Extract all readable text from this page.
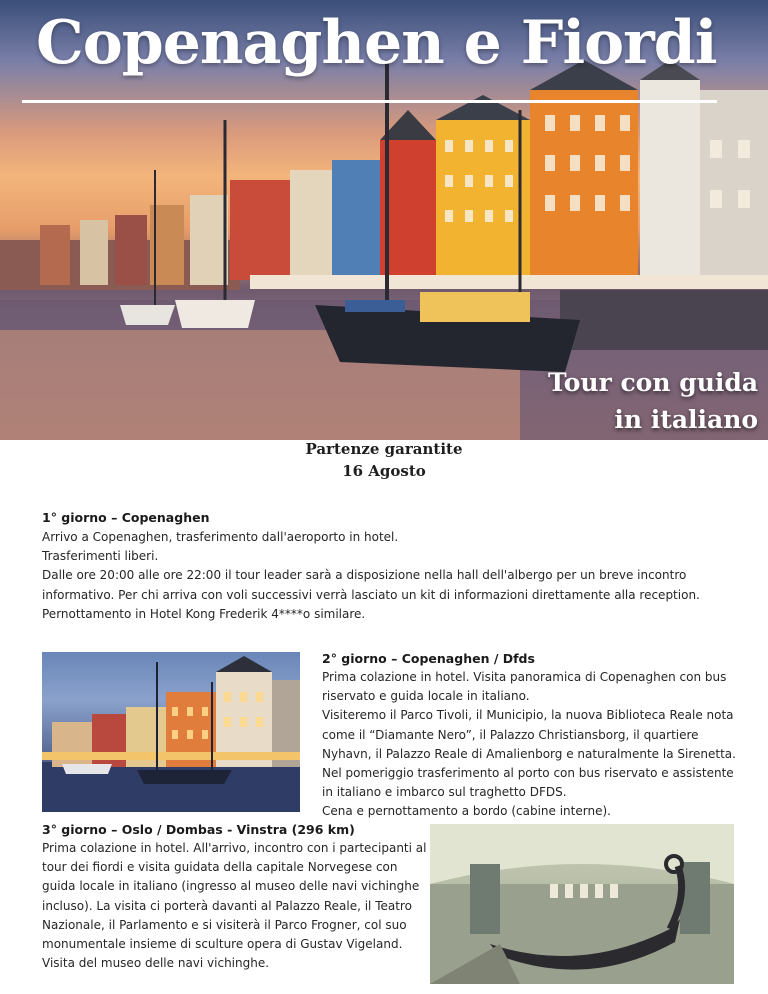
Copenaghen e Fiordi
Tour con guida
in italiano
Partenze garantite
16 Agosto
1° giorno – Copenaghen
Arrivo a Copenaghen, trasferimento dall'aeroporto in hotel.
Trasferimenti liberi.
Dalle ore 20:00 alle ore 22:00 il tour leader sarà a disposizione nella hall dell'albergo per un breve incontro
informativo. Per chi arriva con voli successivi verrà lasciato un kit di informazioni direttamente alla reception.
Pernottamento in Hotel Kong Frederik 4****o similare.
2° giorno – Copenaghen / Dfds
Prima colazione in hotel. Visita panoramica di Copenaghen con bus
riservato e guida locale in italiano.
Visiteremo il Parco Tivoli, il Municipio, la nuova Biblioteca Reale nota
come il “Diamante Nero”, il Palazzo Christiansborg, il quartiere
Nyhavn, il Palazzo Reale di Amalienborg e naturalmente la Sirenetta.
Nel pomeriggio trasferimento al porto con bus riservato e assistente
in italiano e imbarco sul traghetto DFDS.
Cena e pernottamento a bordo (cabine interne).
3° giorno – Oslo / Dombas - Vinstra (296 km)
Prima colazione in hotel. All'arrivo, incontro con i partecipanti al
tour dei fiordi e visita guidata della capitale Norvegese con
guida locale in italiano (ingresso al museo delle navi vichinghe
incluso). La visita ci porterà davanti al Palazzo Reale, il Teatro
Nazionale, il Parlamento e si visiterà il Parco Frogner, col suo
monumentale insieme di sculture opera di Gustav Vigeland.
Visita del museo delle navi vichinghe.
